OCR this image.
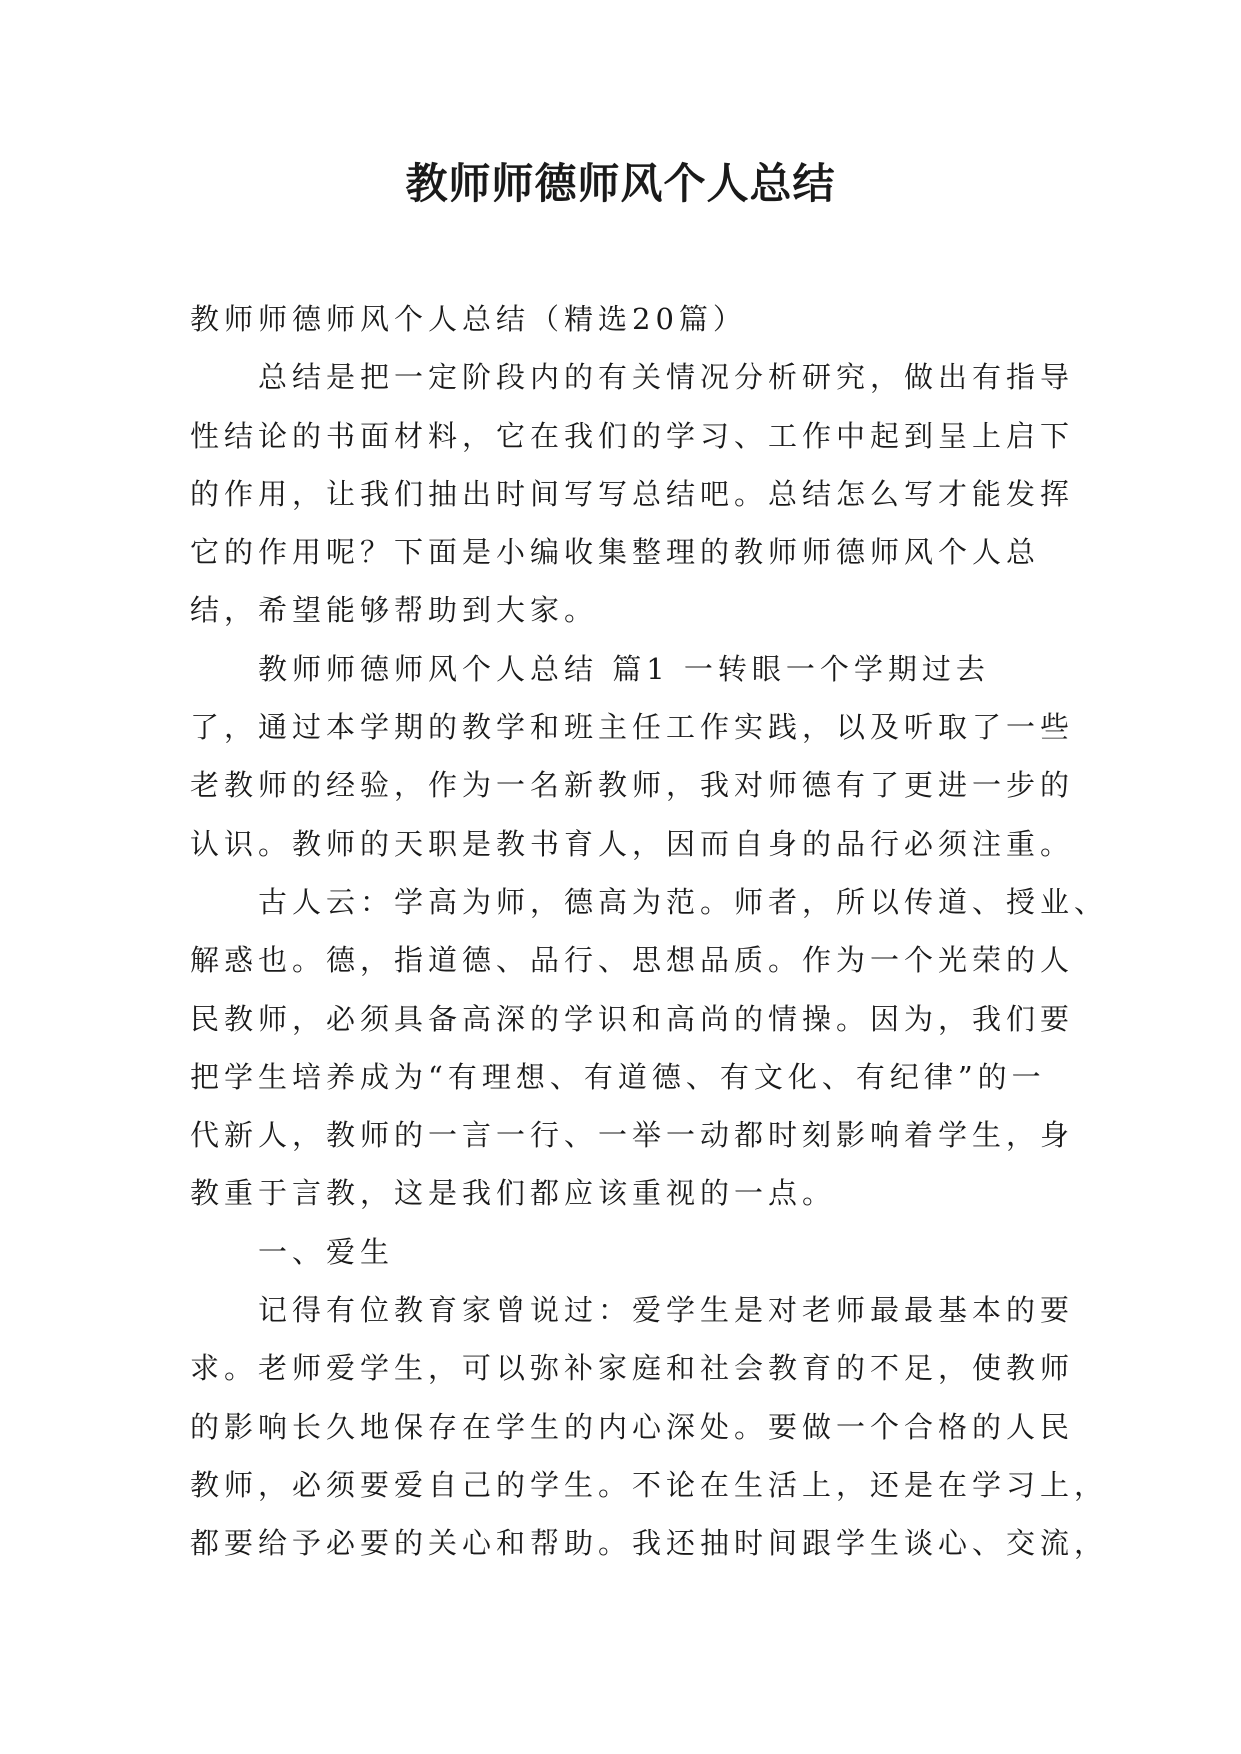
教师师德师风个人总结
教师师德师风个人总结（精选20篇）
总结是把一定阶段内的有关情况分析研究，做出有指导
性结论的书面材料，它在我们的学习、工作中起到呈上启下
的作用，让我们抽出时间写写总结吧。总结怎么写才能发挥
它的作用呢？下面是小编收集整理的教师师德师风个人总
结，希望能够帮助到大家。
教师师德师风个人总结 篇1 一转眼一个学期过去
了，通过本学期的教学和班主任工作实践，以及听取了一些
老教师的经验，作为一名新教师，我对师德有了更进一步的
认识。教师的天职是教书育人，因而自身的品行必须注重。
古人云：学高为师，德高为范。师者，所以传道、授业、
解惑也。德，指道德、品行、思想品质。作为一个光荣的人
民教师，必须具备高深的学识和高尚的情操。因为，我们要
把学生培养成为“有理想、有道德、有文化、有纪律”的一
代新人，教师的一言一行、一举一动都时刻影响着学生，身
教重于言教，这是我们都应该重视的一点。
一、爱生
记得有位教育家曾说过：爱学生是对老师最最基本的要
求。老师爱学生，可以弥补家庭和社会教育的不足，使教师
的影响长久地保存在学生的内心深处。要做一个合格的人民
教师，必须要爱自己的学生。不论在生活上，还是在学习上，
都要给予必要的关心和帮助。我还抽时间跟学生谈心、交流，
